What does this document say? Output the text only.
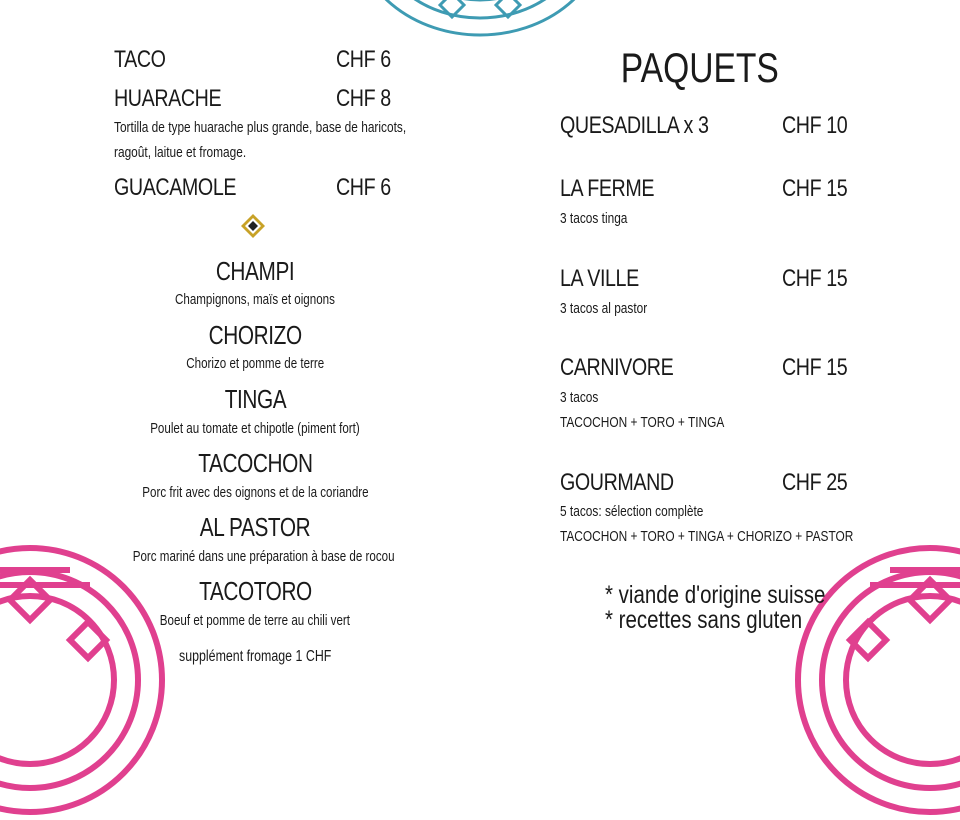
TACO	CHF 6
HUARACHE	CHF 8
Tortilla de type huarache plus grande, base de haricots,
ragoût, laitue et fromage.
GUACAMOLE	CHF 6
CHAMPI
Champignons, maïs et oignons
CHORIZO
Chorizo et pomme de terre
TINGA
Poulet au tomate et chipotle (piment fort)
TACOCHON
Porc frit avec des oignons et de la coriandre
AL PASTOR
Porc mariné dans une préparation à base de rocou
TACOTORO
Boeuf et pomme de terre au chili vert
supplément fromage 1 CHF
PAQUETS
QUESADILLA x 3	CHF 10
LA FERME	CHF 15
3 tacos tinga
LA VILLE	CHF 15
3 tacos al pastor
CARNIVORE	CHF 15
3 tacos
TACOCHON + TORO + TINGA
GOURMAND	CHF 25
5 tacos: sélection complète
TACOCHON + TORO + TINGA + CHORIZO + PASTOR
* viande d'origine suisse
* recettes sans gluten
